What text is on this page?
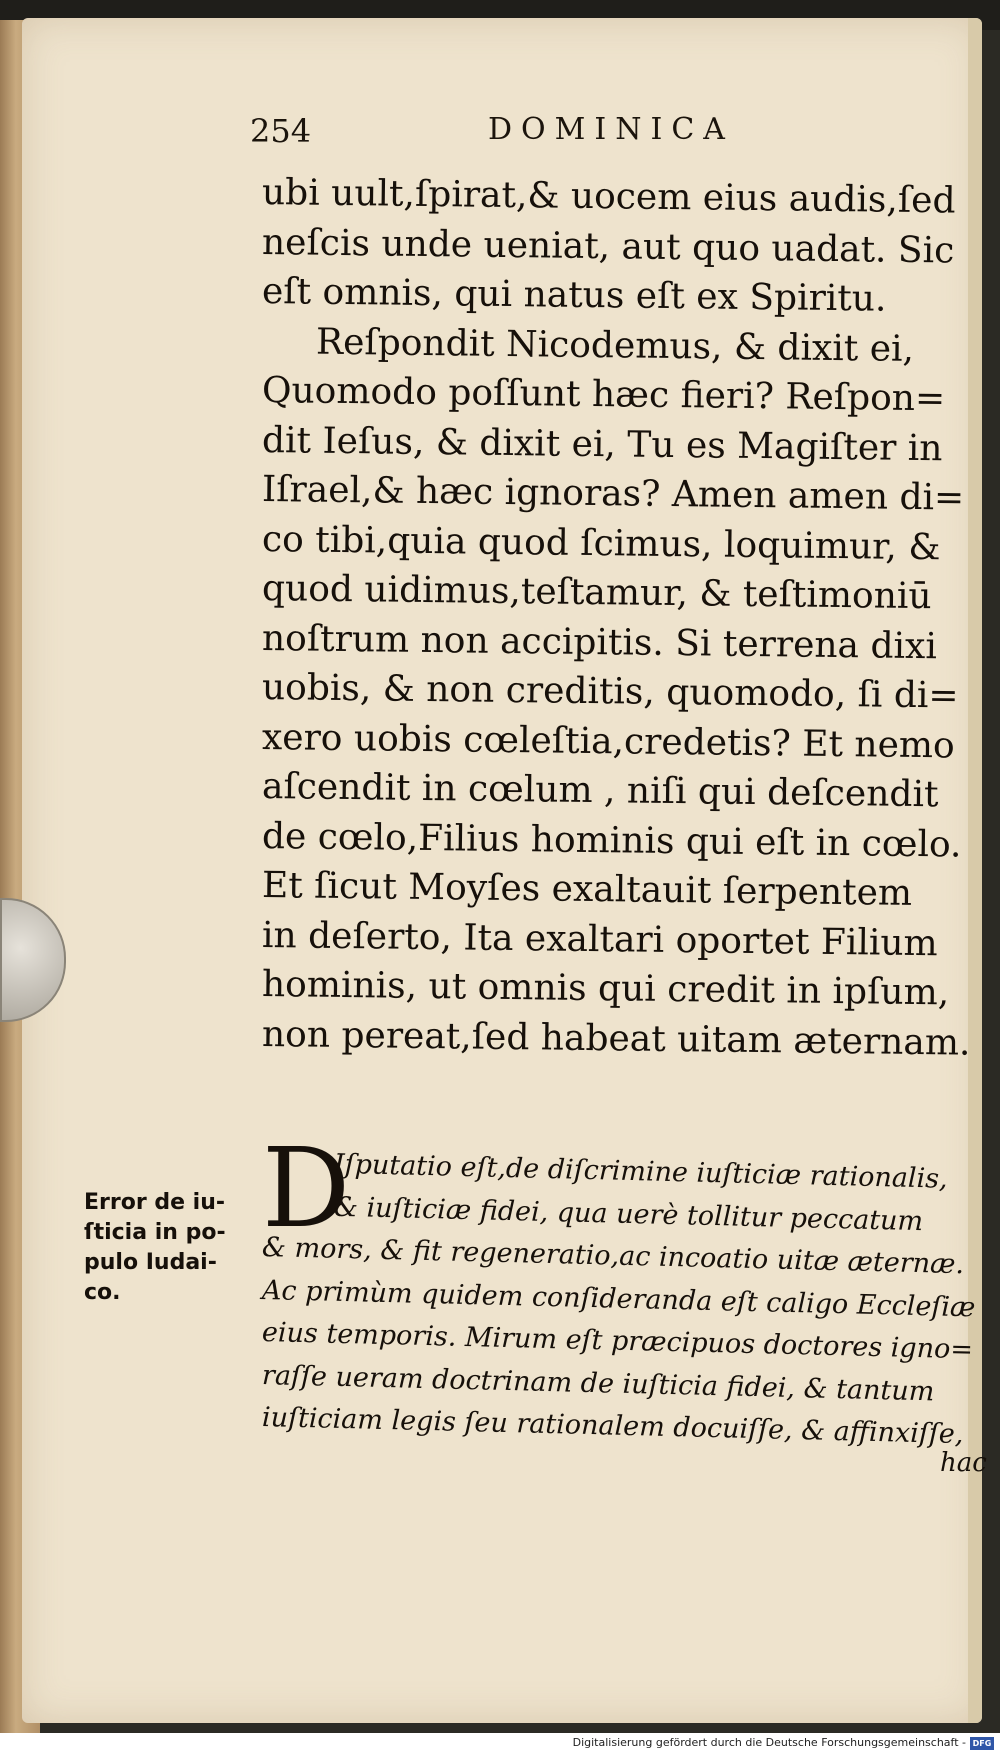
254	DOMINICA
ubi uult,ſpirat,& uocem eius audis,ſed
neſcis unde ueniat, aut quo uadat. Sic
eſt omnis, qui natus eſt ex Spiritu.
Reſpondit Nicodemus, & dixit ei,
Quomodo poſſunt hæc fieri? Reſpon=
dit Ieſus, & dixit ei, Tu es Magiſter in
Iſrael,& hæc ignoras? Amen amen di=
co tibi,quia quod ſcimus, loquimur, &
quod uidimus,teſtamur, & teſtimoniū
noſtrum non accipitis. Si terrena dixi
uobis, & non creditis, quomodo, ſi di=
xero uobis cœleſtia,credetis? Et nemo
aſcendit in cœlum , niſi qui deſcendit
de cœlo,Filius hominis qui eſt in cœlo.
Et ſicut Moyſes exaltauit ſerpentem
in deſerto, Ita exaltari oportet Filium
hominis, ut omnis qui credit in ipſum,
non pereat,ſed habeat uitam æternam.
Error de iu-
ſticia in po-
pulo Iudai-
co.
D
Iſputatio eſt,de diſcrimine iuſticiæ rationalis,
& iuſticiæ fidei, qua uerè tollitur peccatum
& mors, & fit regeneratio,ac incoatio uitæ æternæ.
Ac primùm quidem conſideranda eſt caligo Eccleſiæ
eius temporis. Mirum eſt præcipuos doctores igno=
raſſe ueram doctrinam de iuſticia fidei, & tantum
iuſticiam legis ſeu rationalem docuiſſe, & affinxiſſe,
hac
Digitalisierung gefördert durch die Deutsche Forschungsgemeinschaft - DFG
